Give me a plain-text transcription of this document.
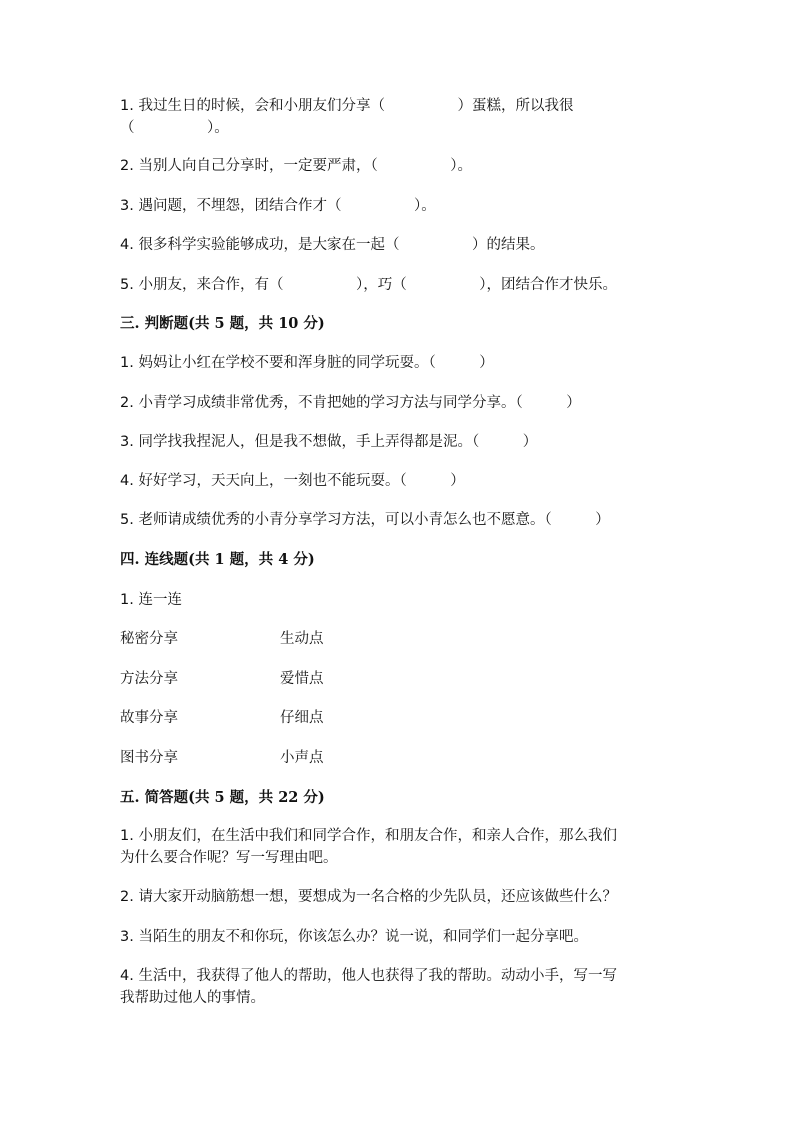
1. 我过生日的时候，会和小朋友们分享（　　　　　）蛋糕，所以我很

（　　　　　）。

2. 当别人向自己分享时，一定要严肃，（　　　　　）。

3. 遇问题，不埋怨，团结合作才（　　　　　）。

4. 很多科学实验能够成功，是大家在一起（　　　　　）的结果。

5. 小朋友，来合作，有（　　　　　），巧（　　　　　），团结合作才快乐。

三. 判断题(共 5 题，共 10 分)

1. 妈妈让小红在学校不要和浑身脏的同学玩耍。（　　　）

2. 小青学习成绩非常优秀，不肯把她的学习方法与同学分享。（　　　）

3. 同学找我捏泥人，但是我不想做，手上弄得都是泥。（　　　）

4. 好好学习，天天向上，一刻也不能玩耍。（　　　）

5. 老师请成绩优秀的小青分享学习方法，可以小青怎么也不愿意。（　　　）

四. 连线题(共 1 题，共 4 分)

1. 连一连

秘密分享	生动点
方法分享	爱惜点
故事分享	仔细点
图书分享	小声点

五. 简答题(共 5 题，共 22 分)

1. 小朋友们，在生活中我们和同学合作，和朋友合作，和亲人合作，那么我们

为什么要合作呢？写一写理由吧。

2. 请大家开动脑筋想一想，要想成为一名合格的少先队员，还应该做些什么？

3. 当陌生的朋友不和你玩，你该怎么办？说一说，和同学们一起分享吧。

4. 生活中，我获得了他人的帮助，他人也获得了我的帮助。动动小手，写一写

我帮助过他人的事情。
